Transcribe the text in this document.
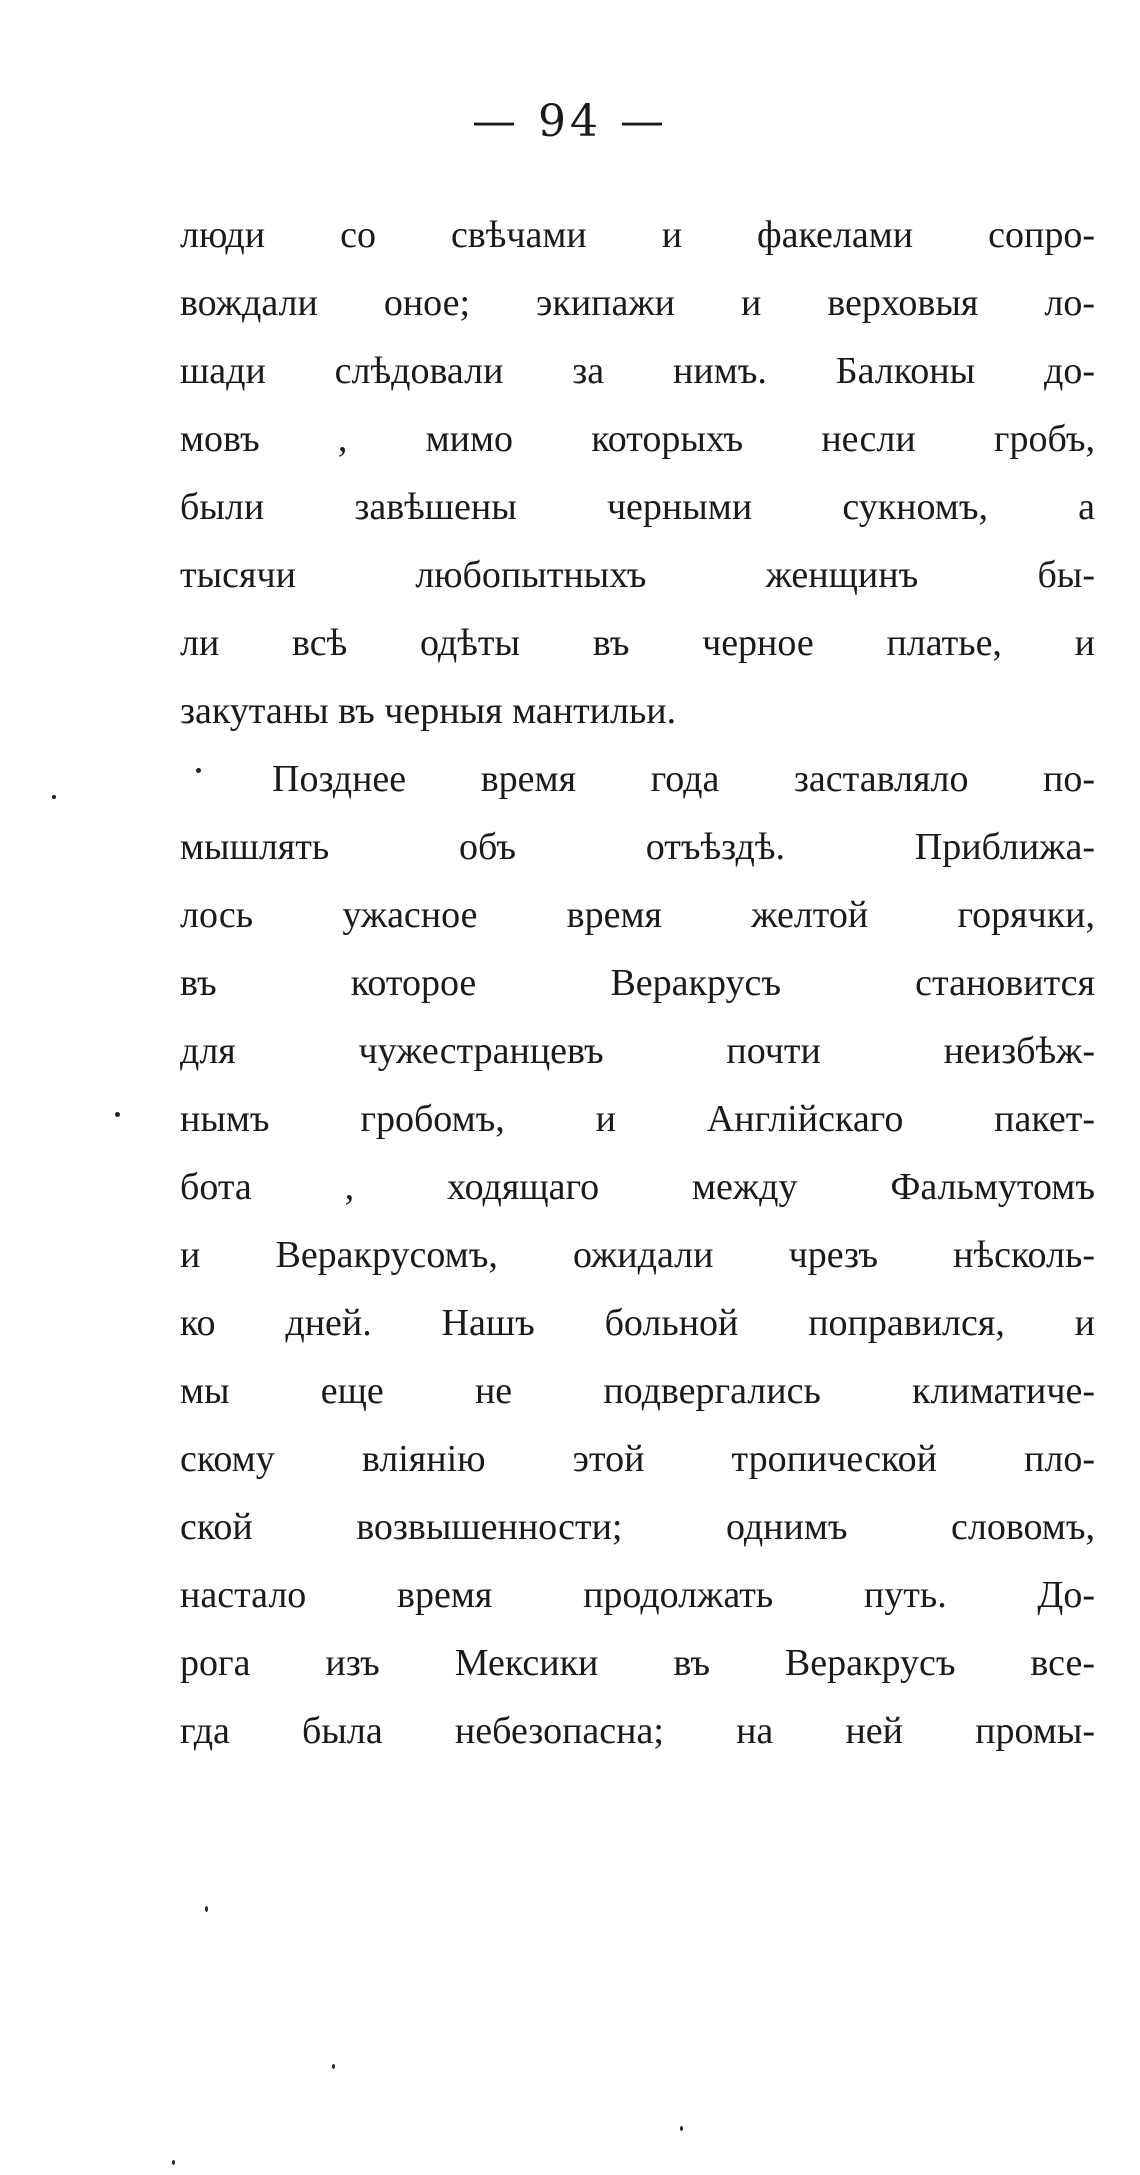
— 94 —
люди со свѣчами и факелами сопро-
вождали оное; экипажи и верховыя ло-
шади слѣдовали за нимъ. Балконы до-
мовъ , мимо которыхъ несли гробъ,
были завѣшены черными сукномъ, а
тысячи любопытныхъ женщинъ бы-
ли всѣ одѣты въ черное платье, и
закутаны въ черныя мантильи.
Позднее время года заставляло по-
мышлять объ отъѣздѣ. Приближа-
лось ужасное время желтой горячки,
въ которое Веракрусъ становится
для чужестранцевъ почти неизбѣж-
нымъ гробомъ, и Англійскаго пакет-
бота , ходящаго между Фальмутомъ
и Веракрусомъ, ожидали чрезъ нѣсколь-
ко дней. Нашъ больной поправился, и
мы еще не подвергались климатиче-
скому вліянію этой тропической пло-
ской возвышенности; однимъ словомъ,
настало время продолжать путь. До-
рога изъ Мексики въ Веракрусъ все-
гда была небезопасна; на ней промы-
